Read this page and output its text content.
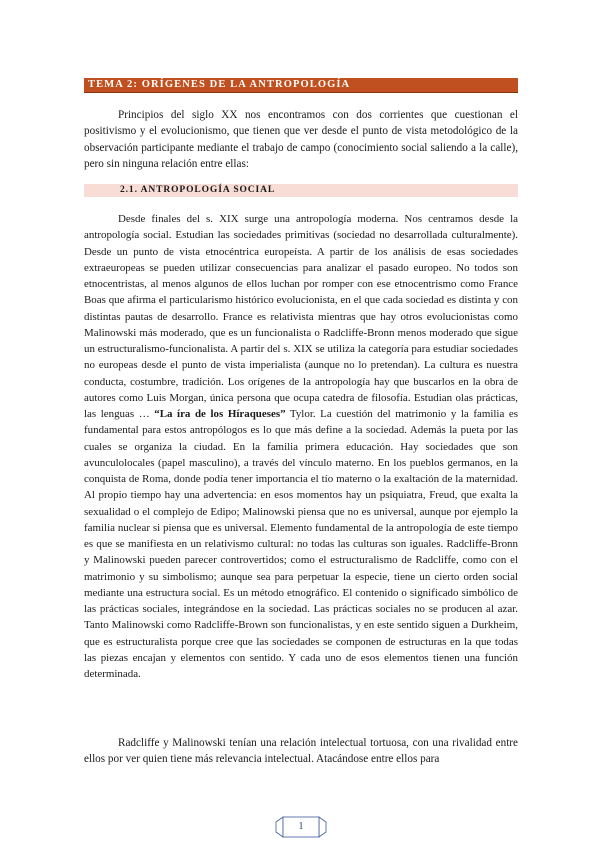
TEMA 2: ORÍGENES DE LA ANTROPOLOGÍA

Principios del siglo XX nos encontramos con dos corrientes que cuestionan el positivismo y el evolucionismo, que tienen que ver desde el punto de vista metodológico de la observación participante mediante el trabajo de campo (conocimiento social saliendo a la calle), pero sin ninguna relación entre ellas:

2.1. ANTROPOLOGÍA SOCIAL

Desde finales del s. XIX surge una antropología moderna. Nos centramos desde la antropología social. Estudian las sociedades primitivas (sociedad no desarrollada culturalmente). Desde un punto de vista etnocéntrica europeísta. A partir de los análisis de esas sociedades extraeuropeas se pueden utilizar consecuencias para analizar el pasado europeo. No todos son etnocentristas, al menos algunos de ellos luchan por romper con ese etnocentrismo como France Boas que afirma el particularismo histórico evolucionista, en el que cada sociedad es distinta y con distintas pautas de desarrollo. France es relativista mientras que hay otros evolucionistas como Malinowski más moderado, que es un funcionalista o Radcliffe-Bronn menos moderado que sigue un estructuralismo-funcionalista. A partir del s. XIX se utiliza la categoría para estudiar sociedades no europeas desde el punto de vista imperialista (aunque no lo pretendan). La cultura es nuestra conducta, costumbre, tradición. Los orígenes de la antropología hay que buscarlos en la obra de autores como Luis Morgan, única persona que ocupa catedra de filosofía. Estudian olas prácticas, las lenguas … “La íra de los Híraqueses” Tylor. La cuestión del matrimonio y la familia es fundamental para estos antropólogos es lo que más define a la sociedad. Además la pueta por las cuales se organiza la ciudad. En la familia primera educación. Hay sociedades que son avunculolocales (papel masculino), a través del vínculo materno. En los pueblos germanos, en la conquista de Roma, donde podía tener importancia el tío materno o la exaltación de la maternidad. Al propio tiempo hay una advertencia: en esos momentos hay un psiquiatra, Freud, que exalta la sexualidad o el complejo de Edipo; Malinowski piensa que no es universal, aunque por ejemplo la familia nuclear si piensa que es universal. Elemento fundamental de la antropología de este tiempo es que se manifiesta en un relativismo cultural: no todas las culturas son iguales. Radcliffe-Bronn y Malinowski pueden parecer controvertidos; como el estructuralismo de Radcliffe, como con el matrimonio y su simbolismo; aunque sea para perpetuar la especie, tiene un cierto orden social mediante una estructura social. Es un método etnográfico. El contenido o significado simbólico de las prácticas sociales, integrándose en la sociedad. Las prácticas sociales no se producen al azar. Tanto Malinowski como Radcliffe-Brown son funcionalistas, y en este sentido siguen a Durkheim, que es estructuralista porque cree que las sociedades se componen de estructuras en la que todas las piezas encajan y elementos con sentido. Y cada uno de esos elementos tienen una función determinada.

Radcliffe y Malinowski tenían una relación intelectual tortuosa, con una rivalidad entre ellos por ver quien tiene más relevancia intelectual. Atacándose entre ellos para

1
